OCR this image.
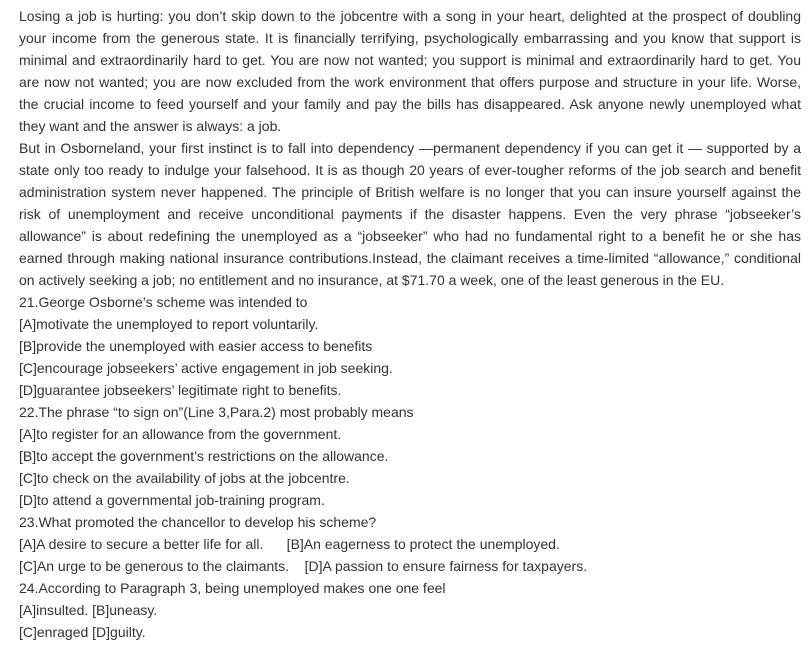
Losing a job is hurting: you don’t skip down to the jobcentre with a song in your heart, delighted at the prospect of doubling your income from the generous state. It is financially terrifying, psychologically embarrassing and you know that support is minimal and extraordinarily hard to get. You are now not wanted; you support is minimal and extraordinarily hard to get. You are now not wanted; you are now excluded from the work environment that offers purpose and structure in your life. Worse, the crucial income to feed yourself and your family and pay the bills has disappeared. Ask anyone newly unemployed what they want and the answer is always: a job.

But in Osborneland, your first instinct is to fall into dependency —permanent dependency if you can get it — supported by a state only too ready to indulge your falsehood. It is as though 20 years of ever-tougher reforms of the job search and benefit administration system never happened. The principle of British welfare is no longer that you can insure yourself against the risk of unemployment and receive unconditional payments if the disaster happens. Even the very phrase “jobseeker’s allowance” is about redefining the unemployed as a “jobseeker” who had no fundamental right to a benefit he or she has earned through making national insurance contributions.Instead, the claimant receives a time-limited “allowance,” conditional on actively seeking a job; no entitlement and no insurance, at $71.70 a week, one of the least generous in the EU.

21.George Osborne’s scheme was intended to

[A]motivate the unemployed to report voluntarily.

[B]provide the unemployed with easier access to benefits

[C]encourage jobseekers’ active engagement in job seeking.

[D]guarantee jobseekers’ legitimate right to benefits.

22.The phrase “to sign on”(Line 3,Para.2) most probably means

[A]to register for an allowance from the government.

[B]to accept the government’s restrictions on the allowance.

[C]to check on the availability of jobs at the jobcentre.

[D]to attend a governmental job-training program.

23.What promoted the chancellor to develop his scheme?

[A]A desire to secure a better life for all.      [B]An eagerness to protect the unemployed.

[C]An urge to be generous to the claimants.    [D]A passion to ensure fairness for taxpayers.

24.According to Paragraph 3, being unemployed makes one one feel

[A]insulted. [B]uneasy.

[C]enraged [D]guilty.
